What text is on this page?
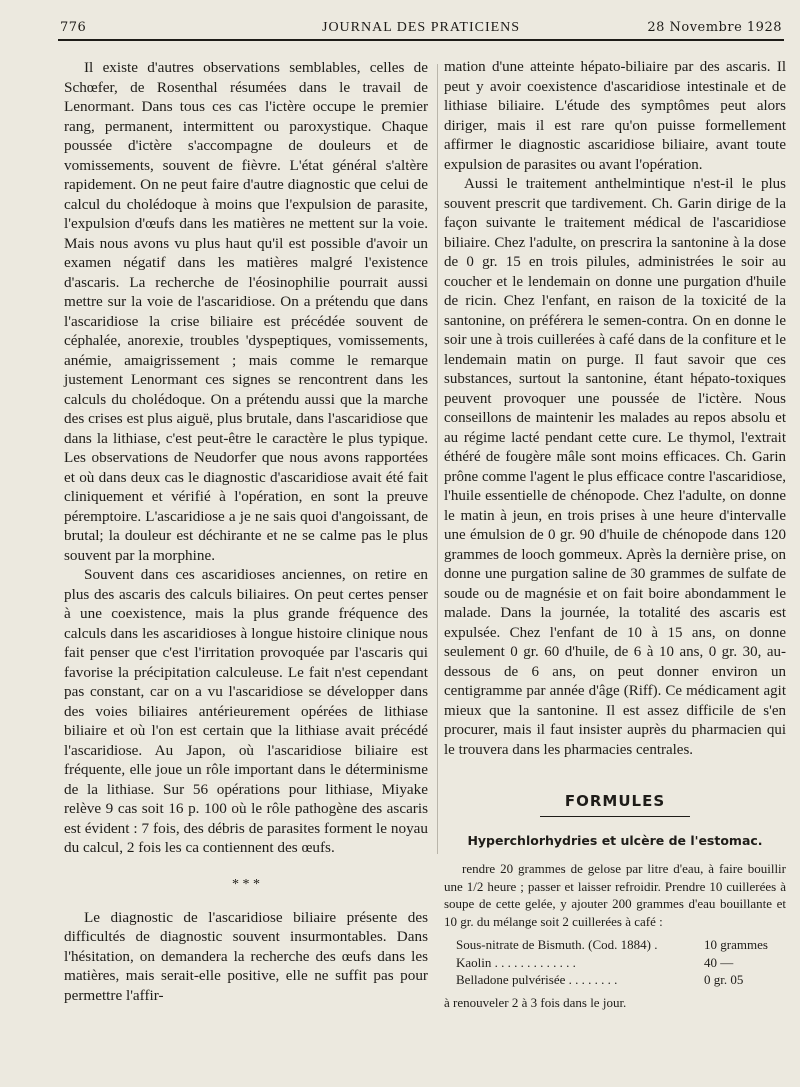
776	JOURNAL DES PRATICIENS	28 Novembre 1928

Il existe d'autres observations semblables, celles de Schœfer, de Rosenthal résumées dans le travail de Lenormant. Dans tous ces cas l'ictère occupe le premier rang, permanent, intermittent ou paroxystique. Chaque poussée d'ictère s'accompagne de douleurs et de vomissements, souvent de fièvre. L'état général s'altère rapidement. On ne peut faire d'autre diagnostic que celui de calcul du cholédoque à moins que l'expulsion de parasite, l'expulsion d'œufs dans les matières ne mettent sur la voie. Mais nous avons vu plus haut qu'il est possible d'avoir un examen négatif dans les matières malgré l'existence d'ascaris. La recherche de l'éosinophilie pourrait aussi mettre sur la voie de l'ascaridiose. On a prétendu que dans l'ascaridiose la crise biliaire est précédée souvent de céphalée, anorexie, troubles 'dyspeptiques, vomissements, anémie, amaigrissement ; mais comme le remarque justement Lenormant ces signes se rencontrent dans les calculs du cholédoque. On a prétendu aussi que la marche des crises est plus aiguë, plus brutale, dans l'ascaridiose que dans la lithiase, c'est peut-être le caractère le plus typique. Les observations de Neudorfer que nous avons rapportées et où dans deux cas le diagnostic d'ascaridiose avait été fait cliniquement et vérifié à l'opération, en sont la preuve péremptoire. L'ascaridiose a je ne sais quoi d'angoissant, de brutal; la douleur est déchirante et ne se calme pas le plus souvent par la morphine.

Souvent dans ces ascaridioses anciennes, on retire en plus des ascaris des calculs biliaires. On peut certes penser à une coexistence, mais la plus grande fréquence des calculs dans les ascaridioses à longue histoire clinique nous fait penser que c'est l'irritation provoquée par l'ascaris qui favorise la précipitation calculeuse. Le fait n'est cependant pas constant, car on a vu l'ascaridiose se développer dans des voies biliaires antérieurement opérées de lithiase biliaire et où l'on est certain que la lithiase avait précédé l'ascaridiose. Au Japon, où l'ascaridiose biliaire est fréquente, elle joue un rôle important dans le déterminisme de la lithiase. Sur 56 opérations pour lithiase, Miyake relève 9 cas soit 16 p. 100 où le rôle pathogène des ascaris est évident : 7 fois, des débris de parasites forment le noyau du calcul, 2 fois les ca contiennent des œufs.

* * *

Le diagnostic de l'ascaridiose biliaire présente des difficultés de diagnostic souvent insurmontables. Dans l'hésitation, on demandera la recherche des œufs dans les matières, mais serait-elle positive, elle ne suffit pas pour permettre l'affir-

mation d'une atteinte hépato-biliaire par des ascaris. Il peut y avoir coexistence d'ascaridiose intestinale et de lithiase biliaire. L'étude des symptômes peut alors diriger, mais il est rare qu'on puisse formellement affirmer le diagnostic ascaridiose biliaire, avant toute expulsion de parasites ou avant l'opération.

Aussi le traitement anthelmintique n'est-il le plus souvent prescrit que tardivement. Ch. Garin dirige de la façon suivante le traitement médical de l'ascaridiose biliaire. Chez l'adulte, on prescrira la santonine à la dose de 0 gr. 15 en trois pilules, administrées le soir au coucher et le lendemain on donne une purgation d'huile de ricin. Chez l'enfant, en raison de la toxicité de la santonine, on préférera le semen-contra. On en donne le soir une à trois cuillerées à café dans de la confiture et le lendemain matin on purge. Il faut savoir que ces substances, surtout la santonine, étant hépato-toxiques peuvent provoquer une poussée de l'ictère. Nous conseillons de maintenir les malades au repos absolu et au régime lacté pendant cette cure. Le thymol, l'extrait éthéré de fougère mâle sont moins efficaces. Ch. Garin prône comme l'agent le plus efficace contre l'ascaridiose, l'huile essentielle de chénopode. Chez l'adulte, on donne le matin à jeun, en trois prises à une heure d'intervalle une émulsion de 0 gr. 90 d'huile de chénopode dans 120 grammes de looch gommeux. Après la dernière prise, on donne une purgation saline de 30 grammes de sulfate de soude ou de magnésie et on fait boire abondamment le malade. Dans la journée, la totalité des ascaris est expulsée. Chez l'enfant de 10 à 15 ans, on donne seulement 0 gr. 60 d'huile, de 6 à 10 ans, 0 gr. 30, au-dessous de 6 ans, on peut donner environ un centigramme par année d'âge (Riff). Ce médicament agit mieux que la santonine. Il est assez difficile de s'en procurer, mais il faut insister auprès du pharmacien qui le trouvera dans les pharmacies centrales.

FORMULES
Hyperchlorhydries et ulcère de l'estomac.

rendre 20 grammes de gelose par litre d'eau, à faire bouillir une 1/2 heure ; passer et laisser refroidir. Prendre 10 cuillerées à soupe de cette gelée, y ajouter 200 grammes d'eau bouillante et 10 gr. du mélange soit 2 cuillerées à café :

Sous-nitrate de Bismuth. (Cod. 1884) .	10 grammes
Kaolin . . . . . . . . . . . . .	40 —
Belladone pulvérisée . . . . . . . .	0 gr. 05
à renouveler 2 à 3 fois dans le jour.
